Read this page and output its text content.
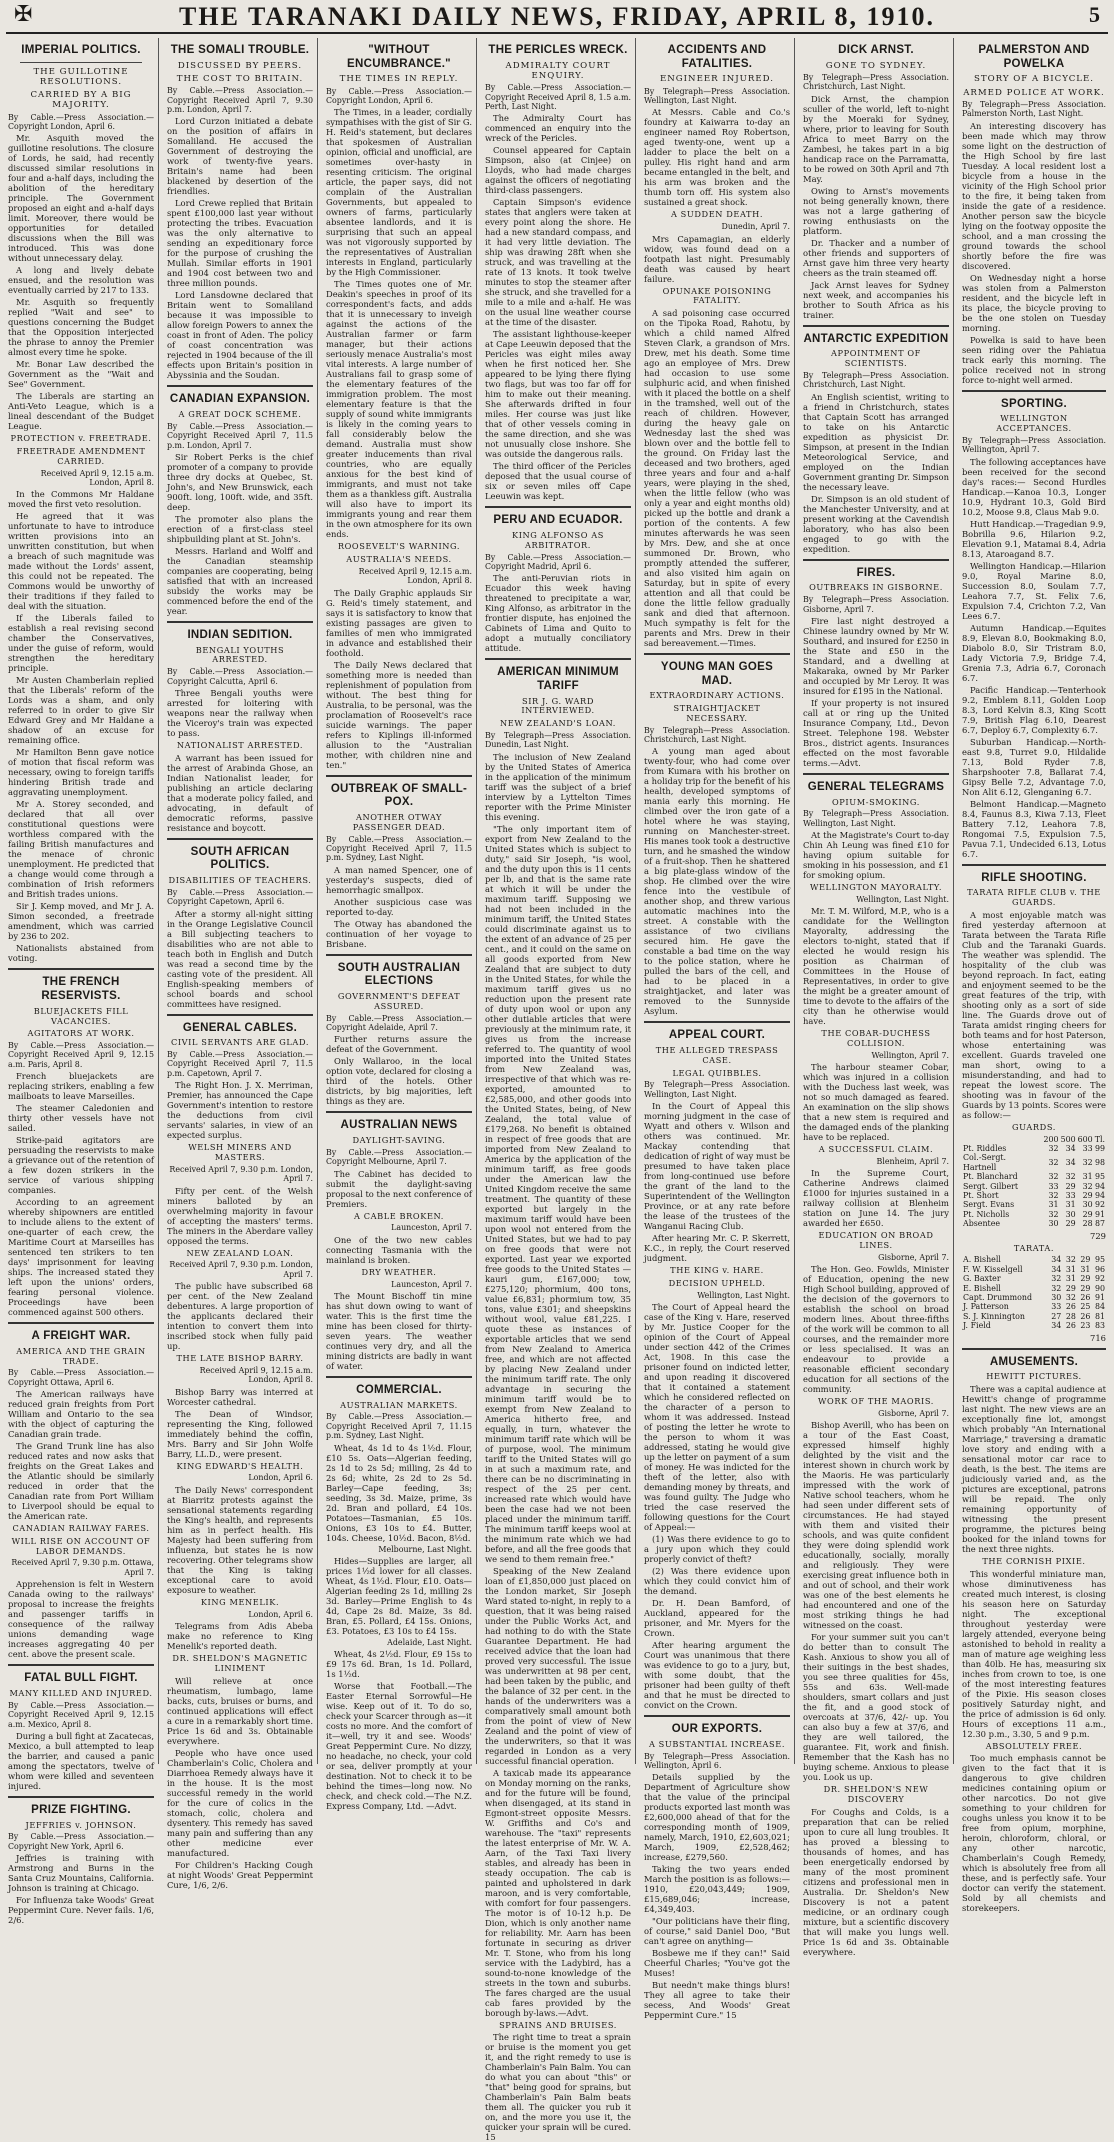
✠	THE TARANAKI DAILY NEWS, FRIDAY, APRIL 8, 1910.	5
IMPERIAL POLITICS.
THE GUILLOTINE RESOLUTIONS.
CARRIED BY A BIG MAJORITY.

By Cable.—Press Association.—Copyright London, April 6.

Mr. Asquith moved the guillotine resolutions. The closure of Lords, he said, had recently discussed similar resolutions in four and a-half days, including the abolition of the hereditary principle. The Government proposed an eight and a-half days limit. Moreover, there would be opportunities for detailed discussions when the Bill was introduced. This was done without unnecessary delay.

A long and lively debate ensued, and the resolution was eventually carried by 217 to 133.

Mr. Asquith so frequently replied "Wait and see" to questions concerning the Budget that the Opposition interjected the phrase to annoy the Premier almost every time he spoke.

Mr. Bonar Law described the Government as the "Wait and See" Government.

The Liberals are starting an Anti-Veto League, which is a lineal descendant of the Budget League.

PROTECTION v. FREETRADE.
FREETRADE AMENDMENT CARRIED.

Received April 9, 12.15 a.m. London, April 8.

In the Commons Mr Haldane moved the first veto resolution.

He agreed that it was unfortunate to have to introduce written provisions into an unwritten constitution, but when a breach of such magnitude was made without the Lords' assent, this could not be repeated. The Commons would be unworthy of their traditions if they failed to deal with the situation.

If the Liberals failed to establish a real revising second chamber the Conservatives, under the guise of reform, would strengthen the hereditary principle.

Mr Austen Chamberlain replied that the Liberals' reform of the Lords was a sham, and only referred to in order to give Sir Edward Grey and Mr Haldane a shadow of an excuse for remaining office.

Mr Hamilton Benn gave notice of motion that fiscal reform was necessary, owing to foreign tariffs hindering British trade and aggravating unemployment.

Mr A. Storey seconded, and declared that all over constitutional questions were worthless compared with the failing British manufactures and the menace of chronic unemployment. He predicted that a change would come through a combination of Irish reformers and British trades unions.

Sir J. Kemp moved, and Mr J. A. Simon seconded, a freetrade amendment, which was carried by 236 to 202.

Nationalists abstained from voting.

THE FRENCH RESERVISTS.
BLUEJACKETS FILL VACANCIES.
AGITATORS AT WORK.

By Cable.—Press Association.—Copyright Received April 9, 12.15 a.m. Paris, April 8.

French bluejackets are replacing strikers, enabling a few mailboats to leave Marseilles.

The steamer Caledonien and thirty other vessels have not sailed.

Strike-paid agitators are persuading the reservists to make a grievance out of the retention of a few dozen strikers in the service of various shipping companies.

According to an agreement whereby shipowners are entitled to include aliens to the extent of one-quarter of each crew, the Maritime Court at Marseilles has sentenced ten strikers to ten days' imprisonment for leaving ships. The increased stated they left upon the unions' orders, fearing personal violence. Proceedings have been commenced against 500 others.

A FREIGHT WAR.
AMERICA AND THE GRAIN TRADE.

By Cable.—Press Association.—Copyright Ottawa, April 6.

The American railways have reduced grain freights from Port William and Ontario to the sea with the object of capturing the Canadian grain trade.

The Grand Trunk line has also reduced rates and now asks that freights on the Great Lakes and the Atlantic should be similarly reduced in order that the Canadian rate from Port William to Liverpool should be equal to the American rate.

CANADIAN RAILWAY FARES.
WILL RISE ON ACCOUNT OF LABOR DEMANDS.

Received April 7, 9.30 p.m. Ottawa, April 7.

Apprehension is felt in Western Canada owing to the railways' proposal to increase the freights and passenger tariffs in consequence of the railway unions demanding wage increases aggregating 40 per cent. above the present scale.

FATAL BULL FIGHT.
MANY KILLED AND INJURED.

By Cable.—Press Association.—Copyright Received April 9, 12.15 a.m. Mexico, April 8.

During a bull fight at Zacatecas, Mexico, a bull attempted to leap the barrier, and caused a panic among the spectators, twelve of whom were killed and seventeen injured.

PRIZE FIGHTING.
JEFFRIES v. JOHNSON.

By Cable.—Press Association.—Copyright New York, April 6.

Jeffries is training with Armstrong and Burns in the Santa Cruz Mountains, California. Johnson is training at Chicago.

For Influenza take Woods' Great Peppermint Cure. Never fails. 1/6, 2/6.

THE SOMALI TROUBLE.
DISCUSSED BY PEERS.
THE COST TO BRITAIN.

By Cable.—Press Association.—Copyright Received April 7, 9.30 p.m. London, April 7.

Lord Curzon initiated a debate on the position of affairs in Somaliland. He accused the Government of destroying the work of twenty-five years. Britain's name had been blackened by desertion of the friendlies.

Lord Crewe replied that Britain spent £100,000 last year without protecting the tribes. Evacuation was the only alternative to sending an expeditionary force for the purpose of crushing the Mullah. Similar efforts in 1901 and 1904 cost between two and three million pounds.

Lord Lansdowne declared that Britain went to Somaliland because it was impossible to allow foreign Powers to annex the coast in front of Aden. The policy of coast concentration was rejected in 1904 because of the ill effects upon Britain's position in Abyssinia and the Soudan.

CANADIAN EXPANSION.
A GREAT DOCK SCHEME.

By Cable.—Press Association.—Copyright Received April 7, 11.5 p.m. London, April 7.

Sir Robert Perks is the chief promoter of a company to provide three dry docks at Quebec, St. John's, and New Brunswick, each 900ft. long, 100ft. wide, and 35ft. deep.

The promoter also plans the erection of a first-class steel shipbuilding plant at St. John's.

Messrs. Harland and Wolff and the Canadian steamship companies are cooperating, being satisfied that with an increased subsidy the works may be commenced before the end of the year.

INDIAN SEDITION.
BENGALI YOUTHS ARRESTED.

By Cable.—Press Association.—Copyright Calcutta, April 6.

Three Bengali youths were arrested for loitering with weapons near the railway when the Viceroy's train was expected to pass.

NATIONALIST ARRESTED.

A warrant has been issued for the arrest of Arabinda Ghose, an Indian Nationalist leader, for publishing an article declaring that a moderate policy failed, and advocating, in default of democratic reforms, passive resistance and boycott.

SOUTH AFRICAN POLITICS.
DISABILITIES OF TEACHERS.

By Cable.—Press Association.—Copyright Capetown, April 6.

After a stormy all-night sitting in the Orange Legislative Council a Bill subjecting teachers to disabilities who are not able to teach both in English and Dutch was read a second time by the casting vote of the president. All English-speaking members of school boards and school committees have resigned.

GENERAL CABLES.
CIVIL SERVANTS ARE GLAD.

By Cable.—Press Association.—Copyright Received April 7, 11.5 p.m. Capetown, April 7.

The Right Hon. J. X. Merriman, Premier, has announced the Cape Government's intention to restore the deductions from civil servants' salaries, in view of an expected surplus.

WELSH MINERS AND MASTERS.

Received April 7, 9.30 p.m. London, April 7.

Fifty per cent. of the Welsh miners balloted by an overwhelming majority in favour of accepting the masters' terms. The miners in the Aberdare valley opposed the terms.

NEW ZEALAND LOAN.

Received April 7, 9.30 p.m. London, April 7.

The public have subscribed 68 per cent. of the New Zealand debentures. A large proportion of the applicants declared their intention to convert them into inscribed stock when fully paid up.

THE LATE BISHOP BARRY.

Received April 9, 12.15 a.m. London, April 8.

Bishop Barry was interred at Worcester cathedral.

The Dean of Windsor, representing the King, followed immediately behind the coffin, Mrs. Barry and Sir John Wolfe Barry, LL.D., were present.

KING EDWARD'S HEALTH.

London, April 6.

The Daily News' correspondent at Biarritz protests against the sensational statements regarding the King's health, and represents him as in perfect health. His Majesty had been suffering from influenza, but states he is now recovering. Other telegrams show that the King is taking exceptional care to avoid exposure to weather.

KING MENELIK.

London, April 6.

Telegrams from Adis Abeba make no reference to King Menelik's reported death.

DR. SHELDON'S MAGNETIC LINIMENT

Will relieve at once rheumatism, lumbago, lame backs, cuts, bruises or burns, and continued applications will effect a cure in a remarkably short time. Price 1s 6d and 3s. Obtainable everywhere.

People who have once used Chamberlain's Colic, Cholera and Diarrhoea Remedy always have it in the house. It is the most successful remedy in the world for the cure of colics in the stomach, colic, cholera and dysentery. This remedy has saved many pain and suffering than any other medicine ever manufactured.

For Children's Hacking Cough at night Woods' Great Peppermint Cure, 1/6, 2/6.

"WITHOUT ENCUMBRANCE."
THE TIMES IN REPLY.

By Cable.—Press Association.—Copyright London, April 6.

The Times, in a leader, cordially sympathises with the gist of Sir G. H. Reid's statement, but declares that spokesmen of Australian opinion, official and unofficial, are sometimes over-hasty in resenting criticism. The original article, the paper says, did not complain of the Australian Governments, but appealed to owners of farms, particularly absentee landlords, and it is surprising that such an appeal was not vigorously supported by the representatives of Australian interests in England, particularly by the High Commissioner.

The Times quotes one of Mr. Deakin's speeches in proof of its correspondent's facts, and adds that it is unnecessary to inveigh against the actions of the Australian farmer or farm manager, but their actions seriously menace Australia's most vital interests. A large number of Australians fail to grasp some of the elementary features of the immigration problem. The most elementary feature is that the supply of sound white immigrants is likely in the coming years to fall considerably below the demand. Australia must show greater inducements than rival countries, who are equally anxious for the best kind of immigrants, and must not take them as a thankless gift. Australia will also have to import its immigrants young and rear them in the own atmosphere for its own ends.

ROOSEVELT'S WARNING.
AUSTRALIA'S NEEDS.

Received April 9, 12.15 a.m. London, April 8.

The Daily Graphic applauds Sir G. Reid's timely statement, and says it is satisfactory to know that existing passages are given to families of men who immigrated in advance and established their foothold.

The Daily News declared that something more is needed than replenishment of population from without. The best thing for Australia, to be personal, was the proclamation of Roosevelt's race suicide warnings. The paper refers to Kiplings ill-informed allusion to the "Australian mother, with children nine and ten."

OUTBREAK OF SMALL-POX.
ANOTHER OTWAY PASSENGER DEAD.

By Cable.—Press Association.—Copyright Received April 7, 11.5 p.m. Sydney, Last Night.

A man named Spencer, one of yesterday's suspects, died of hemorrhagic smallpox.

Another suspicious case was reported to-day.

The Otway has abandoned the continuation of her voyage to Brisbane.

SOUTH AUSTRALIAN ELECTIONS
GOVERNMENT'S DEFEAT ASSURED.

By Cable.—Press Association.—Copyright Adelaide, April 7.

Further returns assure the defeat of the Government.

Only Wallaroo, in the local option vote, declared for closing a third of the hotels. Other districts, by big majorities, left things as they are.

AUSTRALIAN NEWS
DAYLIGHT-SAVING.

By Cable.—Press Association.—Copyright Melbourne, April 7.

The Cabinet has decided to submit the daylight-saving proposal to the next conference of Premiers.

A CABLE BROKEN.

Launceston, April 7.

One of the two new cables connecting Tasmania with the mainland is broken.

DRY WEATHER.

Launceston, April 7.

The Mount Bischoff tin mine has shut down owing to want of water. This is the first time the mine has been closed for thirty-seven years. The weather continues very dry, and all the mining districts are badly in want of water.

COMMERCIAL.
AUSTRALIAN MARKETS.

By Cable.—Press Association.—Copyright Received April 7, 11.15 p.m. Sydney, Last Night.

Wheat, 4s 1d to 4s 1½d. Flour, £10 5s. Oats—Algerian feeding, 2s 1d to 2s 5d; milling, 2s 4d to 2s 6d; white, 2s 2d to 2s 5d. Barley—Cape feeding, 3s; seeding, 3s 3d. Maize, prime, 3s 2d. Bran and pollard, £4 10s. Potatoes—Tasmanian, £5 10s. Onions, £3 10s to £4. Butter, 104s. Cheese, 10½d. Bacon, 8½d.

Melbourne, Last Night.

Hides—Supplies are larger, all prices 1½d lower for all classes. Wheat, 4s 1½d. Flour, £10. Oats—Algerian feeding 2s 1d, milling 2s 3d. Barley—Prime English to 4s 4d, Cape 2s 8d. Maize, 3s 8d. Bran, £5. Pollard, £4 15s. Onions, £3. Potatoes, £3 10s to £4 15s.

Adelaide, Last Night.

Wheat, 4s 2½d. Flour, £9 15s to £9 17s 6d. Bran, 1s 1d. Pollard, 1s 1½d.

Worse that Football.—The Easter Eternal Sorrowful—He wise. Keep out of it. To do so, check your Scarcer through as—it costs no more. And the comfort of it—well, try it and see. Woods' Great Peppermint Cure. No dizzy, no headache, no check, your cold or sea, deliver promptly at your destination. Not to check it to be behind the times—long now. No check, and check cold.—The N.Z. Express Company, Ltd. —Advt.

THE PERICLES WRECK.
ADMIRALTY COURT ENQUIRY.

By Cable.—Press Association.—Copyright Received April 8, 1.5 a.m. Perth, Last Night.

The Admiralty Court has commenced an enquiry into the wreck of the Pericles.

Counsel appeared for Captain Simpson, also (at Cinjee) on Lloyds, who had made charges against the officers of negotiating third-class passengers.

Captain Simpson's evidence states that anglers were taken at every point along the shore. He had a new standard compass, and it had very little deviation. The ship was drawing 28ft when she struck, and was travelling at the rate of 13 knots. It took twelve minutes to stop the steamer after she struck, and she travelled for a mile to a mile and a-half. He was on the usual line weather course at the time of the disaster.

The assistant lighthouse-keeper at Cape Leeuwin deposed that the Pericles was eight miles away when he first noticed her. She appeared to be lying there flying two flags, but was too far off for him to make out their meaning. She afterwards drifted in four miles. Her course was just like that of other vessels coming in the same direction, and she was not unusually close inshore. She was outside the dangerous rails.

The third officer of the Pericles deposed that the usual course of six or seven miles off Cape Leeuwin was kept.

PERU AND ECUADOR.
KING ALFONSO AS ARBITRATOR.

By Cable.—Press Association.—Copyright Madrid, April 6.

The anti-Peruvian riots in Ecuador this week having threatened to precipitate a war, King Alfonso, as arbitrator in the frontier dispute, has enjoined the Cabinets of Lima and Quito to adopt a mutually conciliatory attitude.

AMERICAN MINIMUM TARIFF
SIR J. G. WARD INTERVIEWED.
NEW ZEALAND'S LOAN.

By Telegraph—Press Association. Dunedin, Last Night.

The inclusion of New Zealand by the United States of America in the application of the minimum tariff was the subject of a brief interview by a Lyttelton Times reporter with the Prime Minister this evening.

"The only important item of export from New Zealand to the United States which is subject to duty," said Sir Joseph, "is wool, and the duty upon this is 11 cents per lb, and that is the same rate at which it will be under the maximum tariff. Supposing we had not been included in the minimum tariff, the United States could discriminate against us to the extent of an advance of 25 per cent., and it could on the same on all goods exported from New Zealand that are subject to duty in the United States, for while the maximum tariff gives us no reduction upon the present rate of duty upon wool or upon any other dutiable articles that were previously at the minimum rate, it gives us from the increase referred to. The quantity of wool imported into the United States from New Zealand was, irrespective of that which was re-exported, amounted to £2,585,000, and other goods into the United States, being, of New Zealand, the total value of £179,268. No benefit is obtained in respect of free goods that are imported from New Zealand to America by the application of the minimum tariff, as free goods under the American law the United Kingdom receive the same treatment. The quantity of these exported but largely in the maximum tariff would have been upon wool not entered from the United States, but we had to pay on free goods that were not exported. Last year we exported free goods to the United States — kauri gum, £167,000; tow, £275,120; phormium, 400 tons, value £6,831; phormium tow, 35 tons, value £301; and sheepskins without wool, value £81,225. I quote these as instances of exportable articles that we send from New Zealand to America free, and which are not affected by placing New Zealand under the minimum tariff rate. The only advantage in securing the minimum tariff would be to exempt from New Zealand to America hitherto free, and equally, in turn, whatever the minimum tariff rate which will be of purpose, wool. The minimum tariff to the United States will go in at such a maximum rate, and there can be no discriminating in respect of the 25 per cent. increased rate which would have been the case had we not been placed under the minimum tariff. The minimum tariff keeps wool at the minimum rate which we had before, and all the free goods that we send to them remain free."

Speaking of the New Zealand loan of £1,850,000 just placed on the London market, Sir Joseph Ward stated to-night, in reply to a question, that it was being raised under the Public Works Act, and had nothing to do with the State Guarantee Department. He had received advice that the loan had proved very successful. The issue was underwritten at 98 per cent, had been taken by the public, and the balance of 32 per cent. in the hands of the underwriters was a comparatively small amount both from the point of view of New Zealand and the point of view of the underwriters, so that it was regarded in London as a very successful financial operation.

A taxicab made its appearance on Monday morning on the ranks, and for the future will be found, when disengaged, at its stand in Egmont-street opposite Messrs. W. Griffiths and Co's and warehouse. The "taxi" represents the latest enterprise of Mr. W. A. Aarn, of the Taxi Taxi livery stables, and already has been in steady occupation. The cab is painted and upholstered in dark maroon, and is very comfortable, with comfort for four passengers. The motor is of 10-12 h.p. De Dion, which is only another name for reliability. Mr. Aarn has been fortunate in securing as driver Mr. T. Stone, who from his long service with the Ladybird, has a sound-to-none knowledge of the streets in the town and suburbs. The fares charged are the usual cab fares provided by the borough by-laws.—Advt.

SPRAINS AND BRUISES.

The right time to treat a sprain or bruise is the moment you get it, and the right remedy to use is Chamberlain's Pain Balm. You can do what you can about "this" or "that" being good for sprains, but Chamberlain's Pain Balm beats them all. The quicker you rub it on, and the more you use it, the quicker your sprain will be cured. 15

ACCIDENTS AND FATALITIES.
ENGINEER INJURED.

By Telegraph—Press Association. Wellington, Last Night.

At Messrs. Cable and Co.'s foundry at Kaiwarra to-day an engineer named Roy Robertson, aged twenty-one, went up a ladder to place the belt on a pulley. His right hand and arm became entangled in the belt, and his arm was broken and the thumb torn off. His system also sustained a great shock.

A SUDDEN DEATH.

Dunedin, April 7.

Mrs Capamagian, an elderly widow, was found dead on a footpath last night. Presumably death was caused by heart failure.

OPUNAKE POISONING FATALITY.

A sad poisoning case occurred on the Tipoka Road, Rahotu, by which a child named Alfred Steven Clark, a grandson of Mrs. Drew, met his death. Some time ago an employee of Mrs. Drew had occasion to use some sulphuric acid, and when finished with it placed the bottle on a shelf in the tramshed, well out of the reach of children. However, during the heavy gale on Wednesday last the shed was blown over and the bottle fell to the ground. On Friday last the deceased and two brothers, aged three years and four and a-half years, were playing in the shed, when the little fellow (who was only a year and eight months old) picked up the bottle and drank a portion of the contents. A few minutes afterwards he was seen by Mrs. Dew, and she at once summoned Dr. Brown, who promptly attended the sufferer, and also visited him again on Saturday, but in spite of every attention and all that could be done the little fellow gradually sank and died that afternoon. Much sympathy is felt for the parents and Mrs. Drew in their sad bereavement.—Times.

YOUNG MAN GOES MAD.
EXTRAORDINARY ACTIONS.
STRAIGHTJACKET NECESSARY.

By Telegraph—Press Association. Christchurch, Last Night.

A young man aged about twenty-four, who had come over from Kumara with his brother on a holiday trip for the benefit of his health, developed symptoms of mania early this morning. He climbed over the iron gate of a hotel where he was staying, running on Manchester-street. His manes took took a destructive turn, and he smashed the window of a fruit-shop. Then he shattered a big plate-glass window of the shop. He climbed over the wire fence into the vestibule of another shop, and threw various automatic machines into the street. A constable with the assistance of two civilians secured him. He gave the constable a bad time on the way to the police station, where he pulled the bars of the cell, and had to be placed in a straightjacket, and later was removed to the Sunnyside Asylum.

APPEAL COURT.
THE ALLEGED TRESPASS CASE.
LEGAL QUIBBLES.

By Telegraph—Press Association. Wellington, Last Night.

In the Court of Appeal this morning judgment in the case of Wyatt and others v. Wilson and others was continued. Mr. Mackay contending that dedication of right of way must be presumed to have taken place from long-continued use before the grant of the land to the Superintendent of the Wellington Province, or at any rate before the lease of the trustees of the Wanganui Racing Club.

After hearing Mr. C. P. Skerrett, K.C., in reply, the Court reserved judgment.

THE KING v. HARE.
DECISION UPHELD.

Wellington, Last Night.

The Court of Appeal heard the case of the King v. Hare, reserved by Mr. Justice Cooper for the opinion of the Court of Appeal under section 442 of the Crimes Act, 1908. In this case the prisoner found on indicted letter, and upon reading it discovered that it contained a statement which he considered reflected on the character of a person to whom it was addressed. Instead of posting the letter he wrote to the person to whom it was addressed, stating he would give up the letter on payment of a sum of money. He was indicted for the theft of the letter, also with demanding money by threats, and was found guilty. The Judge who tried the case reserved the following questions for the Court of Appeal:—

(1) Was there evidence to go to a jury upon which they could properly convict of theft?

(2) Was there evidence upon which they could convict him of the demand.

Dr. H. Dean Bamford, of Auckland, appeared for the prisoner, and Mr. Myers for the Crown.

After hearing argument the Court was unanimous that there was evidence to go to a jury, but, with some doubt, that the prisoner had been guilty of theft and that he must be directed to convict on the Crown.

OUR EXPORTS.
A SUBSTANTIAL INCREASE.

By Telegraph—Press Association. Wellington, April 6.

Details supplied by the Department of Agriculture show that the value of the principal products exported last month was £2,600,000 ahead of that for the corresponding month of 1909, namely, March, 1910, £2,603,021; March, 1909, £2,528,462; increase, £279,560.

Taking the two years ended March the position is as follows:—1910, £20,043,449; 1909, £15,689,046; increase, £4,349,403.

"Our politicians have their fling, of course," said Daniel Doo, "But can't agree on anything—

Bosbewe me if they can!" Said Cheerful Charles; "You've got the Muses!

But needn't make things blurs! They all agree to take their secess, And Woods' Great Peppermint Cure." 15

DICK ARNST.
GONE TO SYDNEY.

By Telegraph—Press Association. Christchurch, Last Night.

Dick Arnst, the champion sculler of the world, left to-night by the Moeraki for Sydney, where, prior to leaving for South Africa to meet Barry on the Zambesi, he takes part in a big handicap race on the Parramatta, to be rowed on 30th April and 7th May.

Owing to Arnst's movements not being generally known, there was not a large gathering of rowing enthusiasts on the platform.

Dr. Thacker and a number of other friends and supporters of Arnst gave him three very hearty cheers as the train steamed off.

Jack Arnst leaves for Sydney next week, and accompanies his brother to South Africa as his trainer.

ANTARCTIC EXPEDITION
APPOINTMENT OF SCIENTISTS.

By Telegraph—Press Association. Christchurch, Last Night.

An English scientist, writing to a friend in Christchurch, states that Captain Scott has arranged to take on his Antarctic expedition as physicist Dr. Simpson, at present in the Indian Meteorological Service, and employed on the Indian Government granting Dr. Simpson the necessary leave.

Dr. Simpson is an old student of the Manchester University, and at present working at the Cavendish laboratory, who has also been engaged to go with the expedition.

FIRES.
OUTBREAKS IN GISBORNE.

By Telegraph—Press Association. Gisborne, April 7.

Fire last night destroyed a Chinese laundry owned by Mr W. Southard, and insured for £250 in the State and £50 in the Standard, and a dwelling at Makaraka, owned by Mr Parker and occupied by Mr Leroy. It was insured for £195 in the National.

If your property is not insured call at or ring up the United Insurance Company, Ltd., Devon Street. Telephone 198. Webster Bros., district agents. Insurances effected on the most favorable terms.—Advt.

GENERAL TELEGRAMS
OPIUM-SMOKING.

By Telegraph—Press Association. Wellington, Last Night.

At the Magistrate's Court to-day Chin Ah Leung was fined £10 for having opium suitable for smoking in his possession, and £1 for smoking opium.

WELLINGTON MAYORALTY.

Wellington, Last Night.

Mr. T. M. Wilford, M.P., who is a candidate for the Wellington Mayoralty, addressing the electors to-night, stated that if elected he would resign his position as Chairman of Committees in the House of Representatives, in order to give the might be a greater amount of time to devote to the affairs of the city than he otherwise would have.

THE COBAR-DUCHESS COLLISION.

Wellington, April 7.

The harbour steamer Cobar, which was injured in a collision with the Duchess last week, was not so much damaged as feared. An examination on the slip shows that a new stem is required and the damaged ends of the planking have to be replaced.

A SUCCESSFUL CLAIM.

Blenheim, April 7.

In the Supreme Court, Catherine Andrews claimed £1000 for injuries sustained in a railway collision at Blenheim station on June 14. The jury awarded her £650.

EDUCATION ON BROAD LINES.

Gisborne, April 7.

The Hon. Geo. Fowlds, Minister of Education, opening the new High School building, approved of the decision of the governors to establish the school on broad modern lines. About three-fifths of the work will be common to all courses, and the remainder more or less specialised. It was an endeavour to provide a reasonable efficient secondary education for all sections of the community.

WORK OF THE MAORIS.

Gisborne, April 7.

Bishop Averill, who has been on a tour of the East Coast, expressed himself highly delighted by the visit and the interest shown in church work by the Maoris. He was particularly impressed with the work of Native school teachers, whom he had seen under different sets of circumstances. He had stayed with them and visited their schools, and was quite confident they were doing splendid work educationally, socially, morally and religiously. They were exercising great influence both in and out of school, and their work was one of the best elements he had encountered and one of the most striking things he had witnessed on the coast.

For your summer suit you can't do better than to consult The Kash. Anxious to show you all of their suitings in the best shades, you see three qualities for 45s, 55s and 63s. Well-made shoulders, smart collars and just the fit, and a good stock of overcoats at 37/6, 42/- up. You can also buy a few at 37/6, and they are well tailored, the guarantee. Fit, work and finish. Remember that the Kash has no buying scheme. Anxious to please you. Look us up.

DR. SHELDON'S NEW DISCOVERY

For Coughs and Colds, is a preparation that can be relied upon to cure all lung troubles. It has proved a blessing to thousands of homes, and has been energetically endorsed by many of the most prominent citizens and professional men in Australia. Dr. Sheldon's New Discovery is not a patent medicine, or an ordinary cough mixture, but a scientific discovery that will make you lungs well. Price 1s 6d and 3s. Obtainable everywhere.

PALMERSTON AND POWELKA
STORY OF A BICYCLE.
ARMED POLICE AT WORK.

By Telegraph—Press Association. Palmerston North, Last Night.

An interesting discovery has been made which may throw some light on the destruction of the High School by fire last Tuesday. A local resident lost a bicycle from a house in the vicinity of the High School prior to the fire, it being taken from inside the gate of a residence. Another person saw the bicycle lying on the footway opposite the school, and a man crossing the ground towards the school shortly before the fire was discovered.

On Wednesday night a horse was stolen from a Palmerston resident, and the bicycle left in its place, the bicycle proving to be the one stolen on Tuesday morning.

Powelka is said to have been seen riding over the Pahiatua track early this morning. The police received not in strong force to-night well armed.

SPORTING.
WELLINGTON ACCEPTANCES.

By Telegraph—Press Association. Wellington, April 7.

The following acceptances have been received for the second day's races:— Second Hurdles Handicap.—Kanoa 10.3, Longer 10.9, Hydrant 10.3, Gold Bird 10.2, Moose 9.8, Claus Mab 9.0.

Hutt Handicap.—Tragedian 9.9, Bobrilla 9.6, Hilarion 9.2, Elevation 9.1, Matamai 8.4, Adria 8.13, Ataroagand 8.7.

Wellington Handicap.—Hilarion 9.0, Royal Marine 8.0, Succession 8.0, Soulam 7.7, Leahora 7.7, St. Felix 7.6, Expulsion 7.4, Crichton 7.2, Van Lees 6.7.

Autumn Handicap.—Equites 8.9, Elevan 8.0, Bookmaking 8.0, Diabolo 8.0, Sir Tristram 8.0, Lady Victoria 7.9, Bridge 7.4, Grenia 7.3, Adria 6.7, Coronach 6.7.

Pacific Handicap.—Tenterhook 9.2, Emblem 8.11, Golden Loop 8.3, Lord Kelvin 8.3, King Scott 7.9, British Flag 6.10, Dearest 6.7, Deploy 6.7, Complexity 6.7.

Suburban Handicap.—North-east 9.8, Turret 9.0, Hildalide 7.13, Bold Ryder 7.8, Sharpshooter 7.8, Ballarat 7.4, Gipsy Belle 7.2, Advantage 7.0, Non Alit 6.12, Glenganing 6.7.

Belmont Handicap.—Magneto 8.4, Faunus 8.3, Kiwa 7.13, Fleet Battery 7.12, Leahora 7.8, Rongomai 7.5, Expulsion 7.5, Pavua 7.1, Undecided 6.13, Lotus 6.7.

RIFLE SHOOTING.
TARATA RIFLE CLUB v. THE GUARDS.

A most enjoyable match was fired yesterday afternoon at Tarata between the Tarata Rifle Club and the Taranaki Guards. The weather was splendid. The hospitality of the club was beyond reproach. In fact, eating and enjoyment seemed to be the great features of the trip, with shooting only as a sort of side line. The Guards drove out of Tarata amidst ringing cheers for both teams and for host Paterson, whose entertaining was excellent. Guards traveled one man short, owing to a misunderstanding, and had to repeat the lowest score. The shooting was in favour of the Guards by 13 points. Scores were as follow:—

GUARDS.
	200	500	600	Tl.
Pt. Riddles	32	34	33	99
Col.-Sergt. Hartnell	32	34	32	98
Pt. Blanchard	32	32	31	95
Sergt. Gilbert	33	29	32	94
Pt. Short	32	33	29	94
Sergt. Evans	31	31	30	92
Pt. Nicholls	32	30	29	91
Absentee	30	29	28	87

729

TARATA.
A. Bishell	34	32	29	95
F. W. Kisselgell	34	31	31	96
G. Baxter	32	31	29	92
E. Bishell	32	29	29	90
Capt. Drummond	30	32	26	91
J. Patterson	33	26	25	84
S. J. Kinnington	27	28	26	81
J. Field	34	26	23	83

716

AMUSEMENTS.
HEWITT PICTURES.

There was a capital audience at Hewitt's change of programme last night. The new views are an exceptionally fine lot, amongst which probably "An International Marriage," traversing a dramatic love story and ending with a sensational motor car race to death, is the best. The items are judiciously varied and, as the pictures are exceptional, patrons will be repaid. The only remaining opportunity of witnessing the present programme, the pictures being booked for the inland towns for the next three nights.

THE CORNISH PIXIE.

This wonderful miniature man, whose diminutiveness has created much interest, is closing his season here on Saturday night. The exceptional throughout yesterday were largely attended, everyone being astonished to behold in reality a man of mature age weighing less than 40lb. He has, measuring six inches from crown to toe, is one of the most interesting features of the Pixie. His season closes positively Saturday night, and the price of admission is 6d only. Hours of exceptions 11 a.m., 12.30 p.m., 3.30, 5 and 9 p.m.

ABSOLUTELY FREE.

Too much emphasis cannot be given to the fact that it is dangerous to give children medicines containing opium or other narcotics. Do not give something to your children for coughs unless you know it to be free from opium, morphine, heroin, chloroform, chloral, or any other narcotic, Chamberlain's Cough Remedy, which is absolutely free from all these, and is perfectly safe. Your doctor can verify the statement. Sold by all chemists and storekeepers.
